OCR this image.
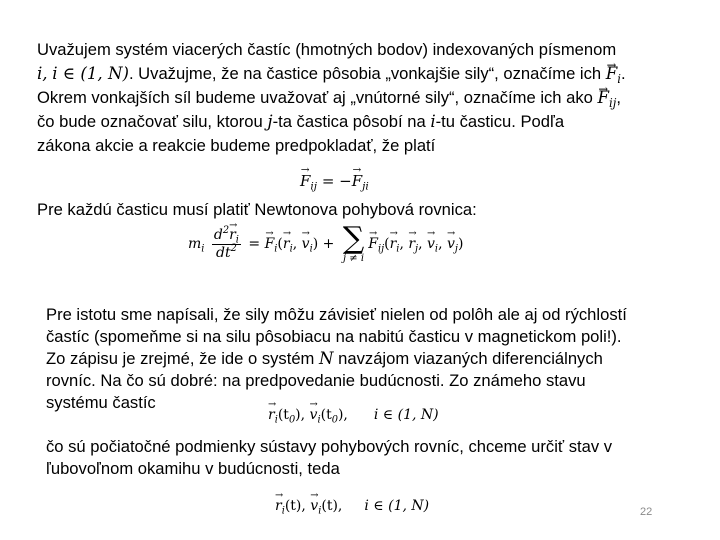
Uvažujem systém viacerých častíc (hmotných bodov) indexovaných písmenom
i, i ∈ (1, N). Uvažujme, že na častice pôsobia „vonkajšie sily“, označíme ich → $F_i$.
Okrem vonkajších síl budeme uvažovať aj „vnútorné sily“, označíme ich ako → $F_{ij}$,
čo bude označovať silu, ktorou j-ta častica pôsobí na i-tu časticu. Podľa
zákona akcie a reakcie budeme predpokladať, že platí
→ $F_{ij}$ = −→ $F_{ji}$
Pre každú časticu musí platiť Newtonova pohybová rovnica:
$m_i \frac{d^2\to r_i}{dt^2}$ = → $F_i(\to r_i$, → $v_i$) + ∑
j ≠ i
→ $F_{ij}(\to r_i$, → $r_j$, → $v_i$, → $v_j$)
Pre istotu sme napísali, že sily môžu závisieť nielen od polôh ale aj od rýchlostí
častíc (spomeňme si na silu pôsobiacu na nabitú časticu v magnetickom poli!).
Zo zápisu je zrejmé, že ide o systém N navzájom viazaných diferenciálnych
rovníc. Na čo sú dobré: na predpovedanie budúcnosti. Zo známeho stavu
systému častíc
→ $r_i(t_0)$, → $v_i(t_0)$, i ∈ (1, N)
čo sú počiatočné podmienky sústavy pohybových rovníc, chceme určiť stav v
ľubovoľnom okamihu v budúcnosti, teda
→ $r_i(t)$, → $v_i(t)$, i ∈ (1, N)	22
